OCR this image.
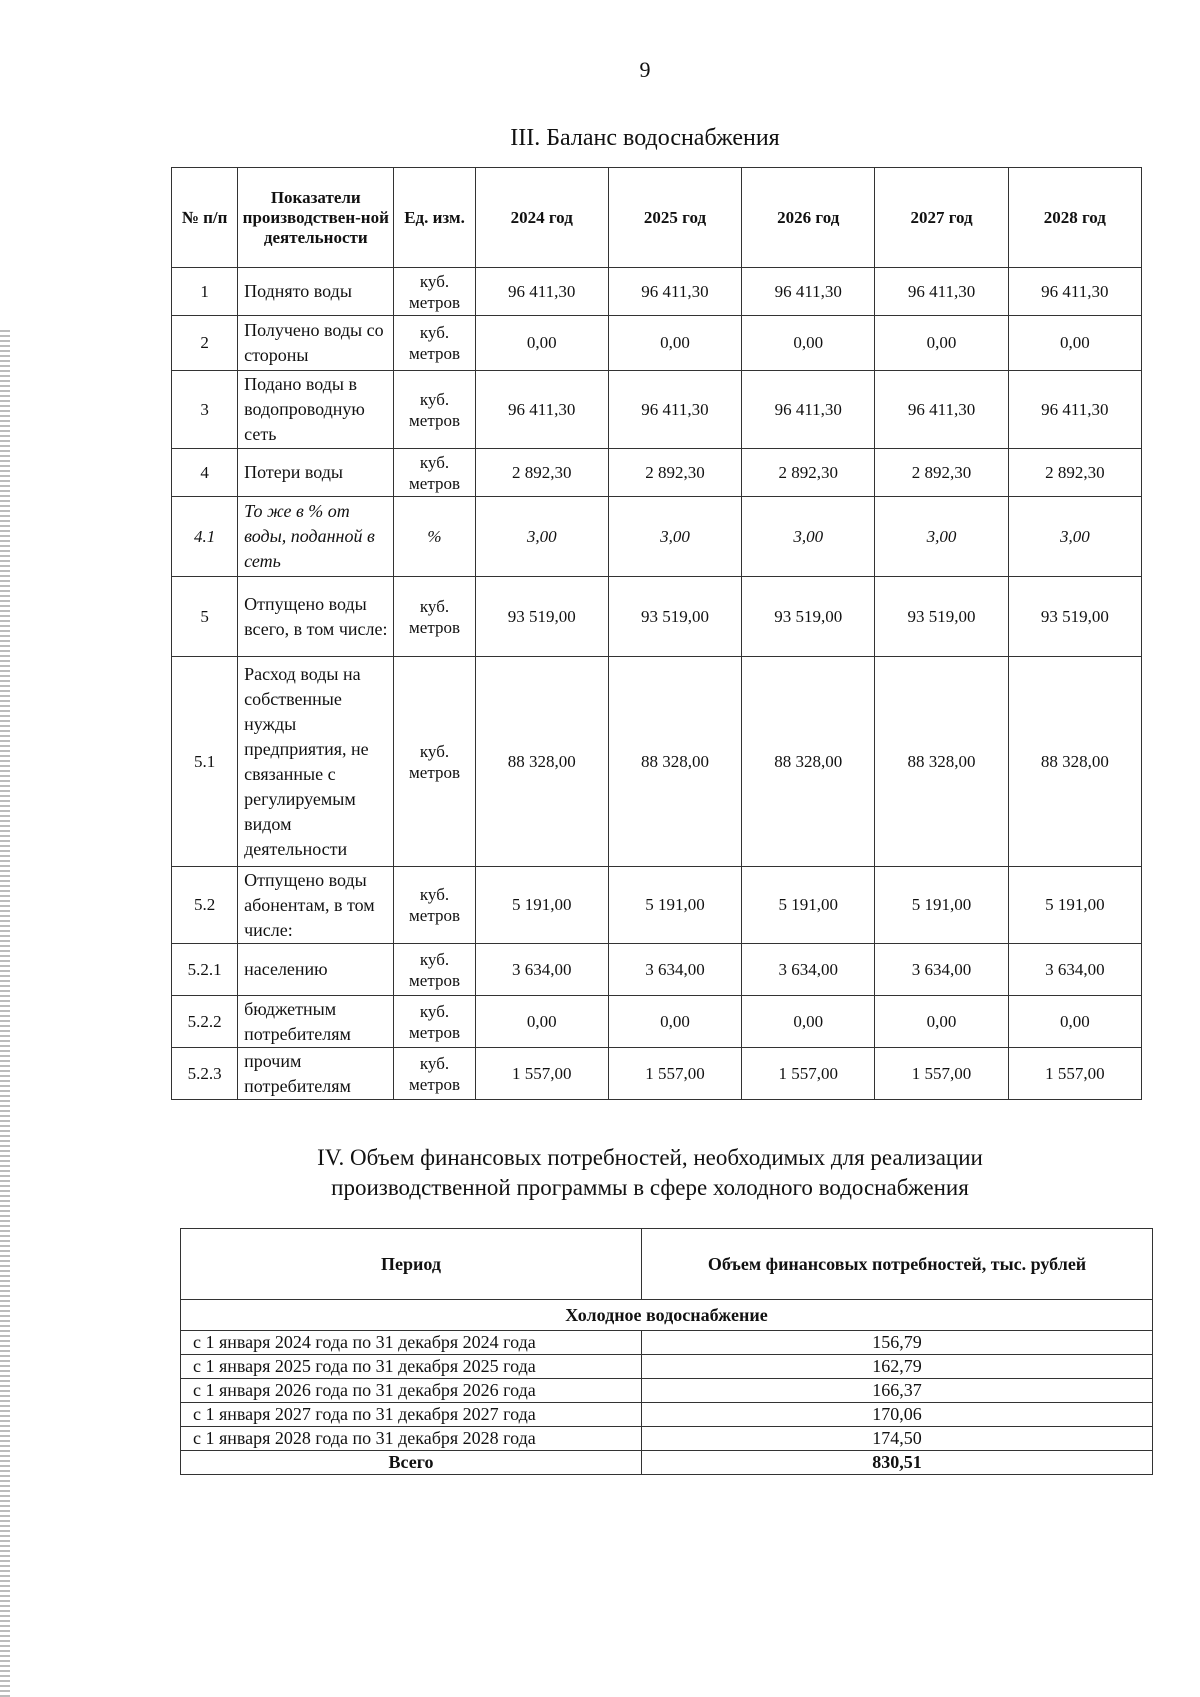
9
III. Баланс водоснабжения
№ п/п	Показатели производствен-ной деятельности	Ед. изм.	2024 год	2025 год	2026 год	2027 год	2028 год
1	Поднято воды	куб. метров	96 411,30	96 411,30	96 411,30	96 411,30	96 411,30
2	Получено воды со стороны	куб. метров	0,00	0,00	0,00	0,00	0,00
3	Подано воды в водопроводную сеть	куб. метров	96 411,30	96 411,30	96 411,30	96 411,30	96 411,30
4	Потери воды	куб. метров	2 892,30	2 892,30	2 892,30	2 892,30	2 892,30
4.1	То же в % от воды, поданной в сеть	%	3,00	3,00	3,00	3,00	3,00
5	Отпущено воды всего, в том числе:	куб. метров	93 519,00	93 519,00	93 519,00	93 519,00	93 519,00
5.1	Расход воды на собственные нужды предприятия, не связанные с регулируемым видом деятельности	куб. метров	88 328,00	88 328,00	88 328,00	88 328,00	88 328,00
5.2	Отпущено воды абонентам, в том числе:	куб. метров	5 191,00	5 191,00	5 191,00	5 191,00	5 191,00
5.2.1	населению	куб. метров	3 634,00	3 634,00	3 634,00	3 634,00	3 634,00
5.2.2	бюджетным потребителям	куб. метров	0,00	0,00	0,00	0,00	0,00
5.2.3	прочим потребителям	куб. метров	1 557,00	1 557,00	1 557,00	1 557,00	1 557,00
IV. Объем финансовых потребностей, необходимых для реализации
производственной программы в сфере холодного водоснабжения
Период	Объем финансовых потребностей, тыс. рублей
Холодное водоснабжение	
с 1 января 2024 года по 31 декабря 2024 года	156,79
с 1 января 2025 года по 31 декабря 2025 года	162,79
с 1 января 2026 года по 31 декабря 2026 года	166,37
с 1 января 2027 года по 31 декабря 2027 года	170,06
с 1 января 2028 года по 31 декабря 2028 года	174,50
Всего	830,51
